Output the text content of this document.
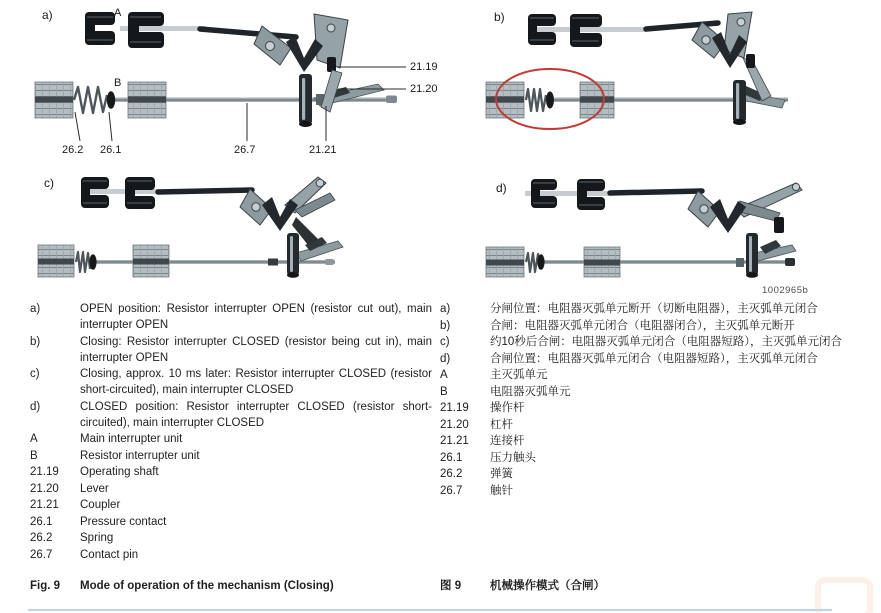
a)	A
B
26.2 26.1	26.7	21.21
21.19
21.20
b)
c)	d)
1002965b
a)	OPEN position: Resistor interrupter OPEN (resistor cut out), main interrupter OPEN
b)	Closing: Resistor interrupter CLOSED (resistor being cut in), main interrupter OPEN
c)	Closing, approx. 10 ms later: Resistor interrupter CLOSED (resistor short-circuited), main interrupter CLOSED
d)	CLOSED position: Resistor interrupter CLOSED (resistor short-circuited), main interrupter CLOSED
A	Main interrupter unit
B	Resistor interrupter unit
21.19	Operating shaft
21.20	Lever
21.21	Coupler
26.1	Pressure contact
26.2	Spring
26.7	Contact pin
a)	分闸位置：电阻器灭弧单元断开（切断电阻器），主灭弧单元闭合
b)	合闸：电阻器灭弧单元闭合（电阻器闭合），主灭弧单元断开
c)	约10秒后合闸：电阻器灭弧单元闭合（电阻器短路），主灭弧单元闭合
d)	合闸位置：电阻器灭弧单元闭合（电阻器短路），主灭弧单元闭合
A	主灭弧单元
B	电阻器灭弧单元
21.19	操作杆
21.20	杠杆
21.21	连接杆
26.1	压力触头
26.2	弹簧
26.7	触针
Fig. 9	Mode of operation of the mechanism (Closing)	图 9	机械操作模式（合闸）
